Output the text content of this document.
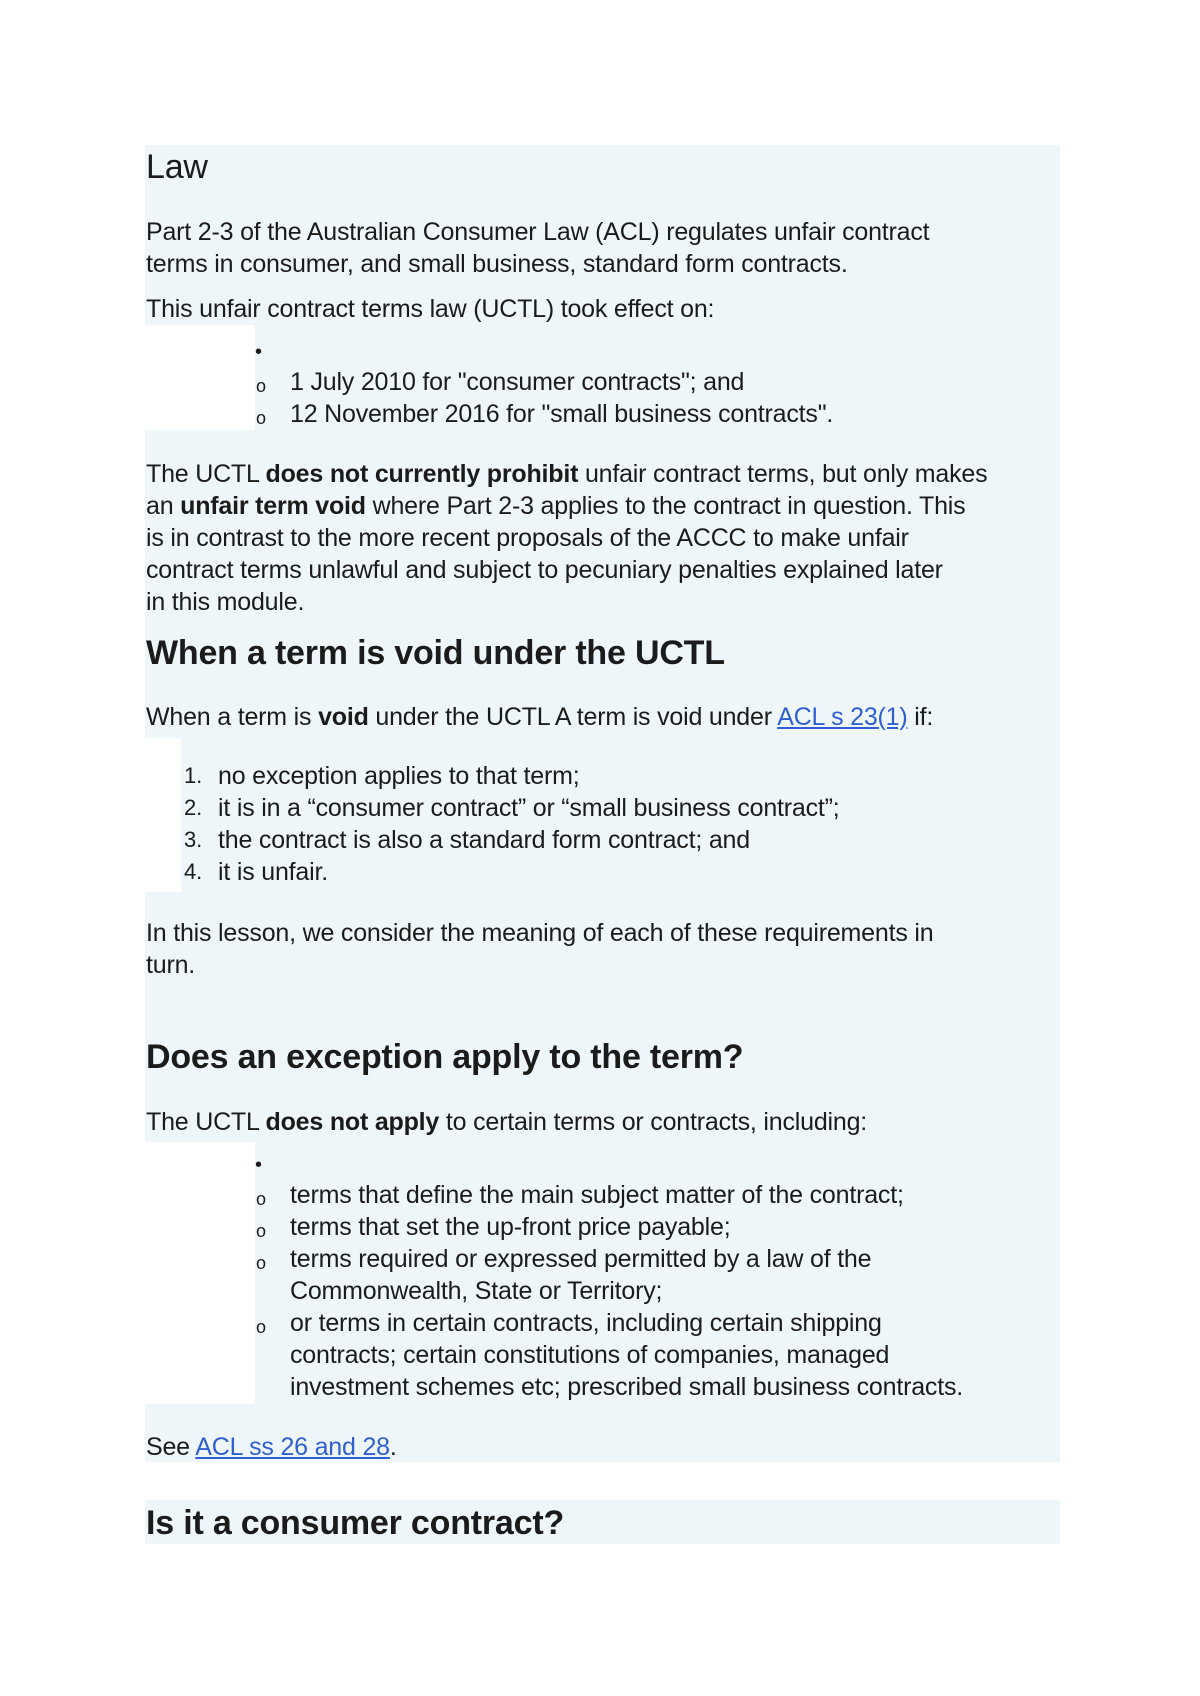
Law

Part 2-3 of the Australian Consumer Law (ACL) regulates unfair contract

terms in consumer, and small business, standard form contracts.

This unfair contract terms law (UCTL) took effect on:

•
o 1 July 2010 for "consumer contracts"; and
o 12 November 2016 for "small business contracts".

The UCTL does not currently prohibit unfair contract terms, but only makes

an unfair term void where Part 2-3 applies to the contract in question. This

is in contrast to the more recent proposals of the ACCC to make unfair

contract terms unlawful and subject to pecuniary penalties explained later

in this module.

When a term is void under the UCTL

When a term is void under the UCTL A term is void under ACL s 23(1) if:

1. no exception applies to that term;
2. it is in a “consumer contract” or “small business contract”;
3. the contract is also a standard form contract; and
4. it is unfair.

In this lesson, we consider the meaning of each of these requirements in

turn.

Does an exception apply to the term?

The UCTL does not apply to certain terms or contracts, including:

•
o terms that define the main subject matter of the contract;
o terms that set the up-front price payable;
o terms required or expressed permitted by a law of the
Commonwealth, State or Territory;
o or terms in certain contracts, including certain shipping
contracts; certain constitutions of companies, managed
investment schemes etc; prescribed small business contracts.

See ACL ss 26 and 28.

Is it a consumer contract?
